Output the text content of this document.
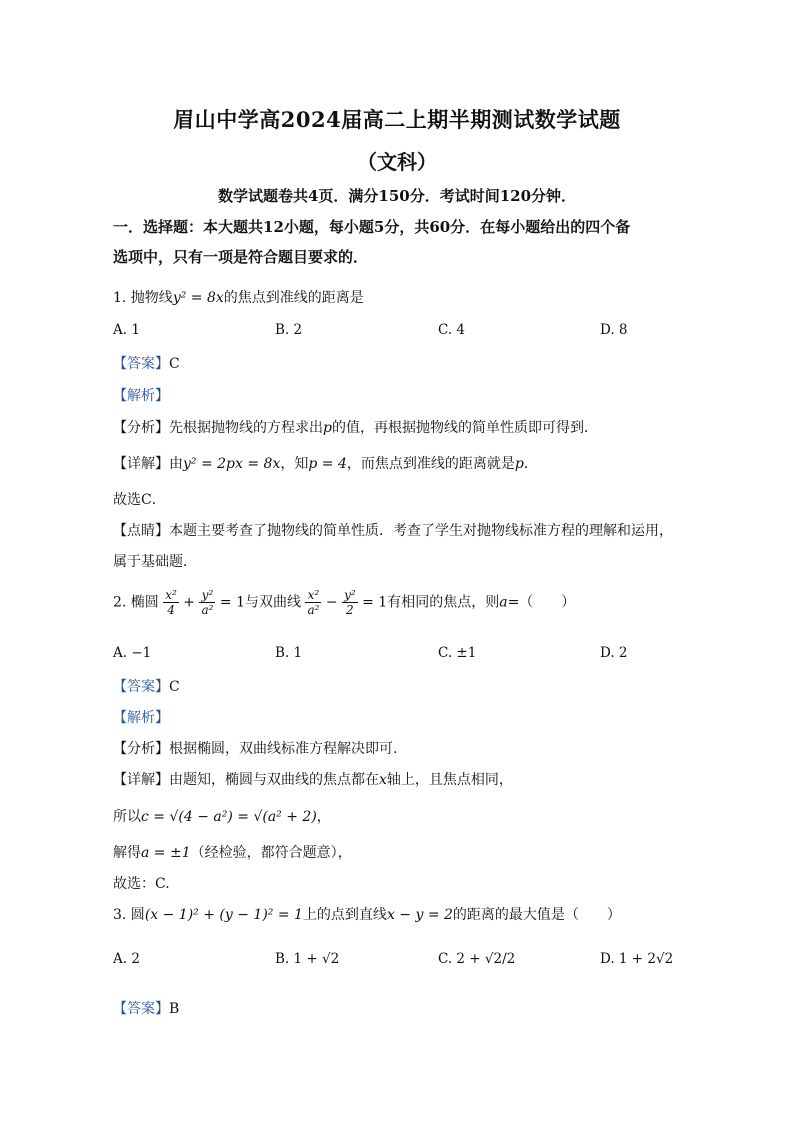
眉山中学高2024届高二上期半期测试数学试题
（文科）
数学试题卷共4页．满分150分．考试时间120分钟．
一．选择题：本大题共12小题，每小题5分，共60分．在每小题给出的四个备
选项中，只有一项是符合题目要求的．
1. 抛物线y² = 8x的焦点到准线的距离是
A. 1	B. 2	C. 4	D. 8
【答案】C
【解析】
【分析】先根据抛物线的方程求出p的值，再根据抛物线的简单性质即可得到．
【详解】由y² = 2px = 8x，知p = 4，而焦点到准线的距离就是p．
故选C．
【点睛】本题主要考查了抛物线的简单性质．考查了学生对抛物线标准方程的理解和运用，
属于基础题．
2. 椭圆 $\frac{\text{x²}}{4} + \frac{\text{y²}}{\text{a²}} = 1$与双曲线 $\frac{\text{x²}}{\text{a²}} - \frac{\text{y²}}{2} = 1$有相同的焦点，则a=（　　）
A. −1	B. 1	C. ±1	D. 2
【答案】C
【解析】
【分析】根据椭圆，双曲线标准方程解决即可.
【详解】由题知，椭圆与双曲线的焦点都在x轴上，且焦点相同，
所以c = √(4 − a²) = √(a² + 2)，
解得a = ±1（经检验，都符合题意），
故选：C.
3. 圆(x − 1)² + (y − 1)² = 1上的点到直线x − y = 2的距离的最大值是（　　）
A. 2	B. 1 + √2	C. 2 + √2/2	D. 1 + 2√2
【答案】B
